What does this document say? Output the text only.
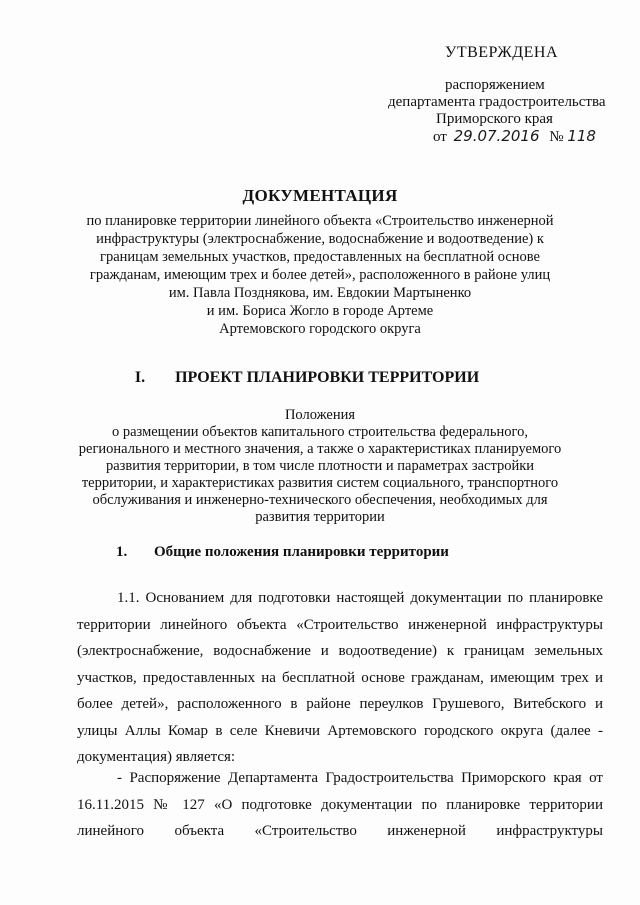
УТВЕРЖДЕНА
распоряжением
департамента градостроительства
Приморского края
от 29.07.2016 № 118
ДОКУМЕНТАЦИЯ
по планировке территории линейного объекта «Строительство инженерной
инфраструктуры (электроснабжение, водоснабжение и водоотведение) к
границам земельных участков, предоставленных на бесплатной основе
гражданам, имеющим трех и более детей», расположенного в районе улиц
им. Павла Позднякова, им. Евдокии Мартыненко
и им. Бориса Жогло в городе Артеме
Артемовского городского округа
I. ПРОЕКТ ПЛАНИРОВКИ ТЕРРИТОРИИ
Положения
о размещении объектов капитального строительства федерального,
регионального и местного значения, а также о характеристиках планируемого
развития территории, в том числе плотности и параметрах застройки
территории, и характеристиках развития систем социального, транспортного
обслуживания и инженерно-технического обеспечения, необходимых для
развития территории
1. Общие положения планировки территории
1.1. Основанием для подготовки настоящей документации по планировке территории линейного объекта «Строительство инженерной инфраструктуры (электроснабжение, водоснабжение и водоотведение) к границам земельных участков, предоставленных на бесплатной основе гражданам, имеющим трех и более детей», расположенного в районе переулков Грушевого, Витебского и улицы Аллы Комар в селе Кневичи Артемовского городского округа (далее - документация) является:
- Распоряжение Департамента Градостроительства Приморского края от 16.11.2015 № 127 «О подготовке документации по планировке территории линейного объекта «Строительство инженерной инфраструктуры
